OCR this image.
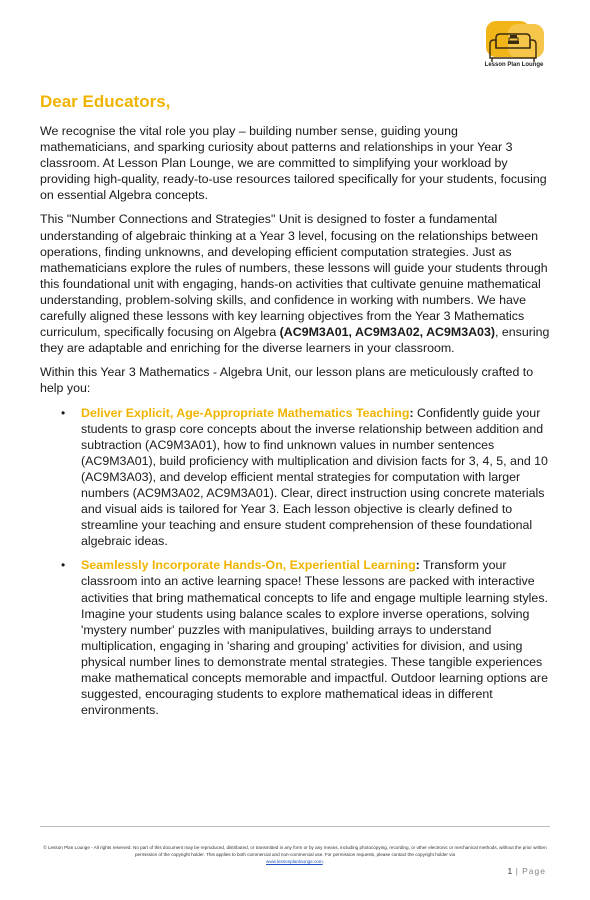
Lesson Plan Lounge
Dear Educators,

We recognise the vital role you play – building number sense, guiding young mathematicians, and sparking curiosity about patterns and relationships in your Year 3 classroom. At Lesson Plan Lounge, we are committed to simplifying your workload by providing high-quality, ready-to-use resources tailored specifically for your students, focusing on essential Algebra concepts.

This "Number Connections and Strategies" Unit is designed to foster a fundamental understanding of algebraic thinking at a Year 3 level, focusing on the relationships between operations, finding unknowns, and developing efficient computation strategies. Just as mathematicians explore the rules of numbers, these lessons will guide your students through this foundational unit with engaging, hands-on activities that cultivate genuine mathematical understanding, problem-solving skills, and confidence in working with numbers. We have carefully aligned these lessons with key learning objectives from the Year 3 Mathematics curriculum, specifically focusing on Algebra (AC9M3A01, AC9M3A02, AC9M3A03), ensuring they are adaptable and enriching for the diverse learners in your classroom.

Within this Year 3 Mathematics - Algebra Unit, our lesson plans are meticulously crafted to help you:

• Deliver Explicit, Age-Appropriate Mathematics Teaching: Confidently guide your students to grasp core concepts about the inverse relationship between addition and subtraction (AC9M3A01), how to find unknown values in number sentences (AC9M3A01), build proficiency with multiplication and division facts for 3, 4, 5, and 10 (AC9M3A03), and develop efficient mental strategies for computation with larger numbers (AC9M3A02, AC9M3A01). Clear, direct instruction using concrete materials and visual aids is tailored for Year 3. Each lesson objective is clearly defined to streamline your teaching and ensure student comprehension of these foundational algebraic ideas.
• Seamlessly Incorporate Hands-On, Experiential Learning: Transform your classroom into an active learning space! These lessons are packed with interactive activities that bring mathematical concepts to life and engage multiple learning styles. Imagine your students using balance scales to explore inverse operations, solving 'mystery number' puzzles with manipulatives, building arrays to understand multiplication, engaging in 'sharing and grouping' activities for division, and using physical number lines to demonstrate mental strategies. These tangible experiences make mathematical concepts memorable and impactful. Outdoor learning options are suggested, encouraging students to explore mathematical ideas in different environments.
© Lesson Plan Lounge - All rights reserved. No part of this document may be reproduced, distributed, or transmitted in any form or by any means, including photocopying, recording, or other electronic or mechanical methods, without the prior written permission of the copyright holder. This applies to both commercial and non-commercial use. For permission requests, please contact the copyright holder via
www.lessonplanlounge.com.
1 | Page
